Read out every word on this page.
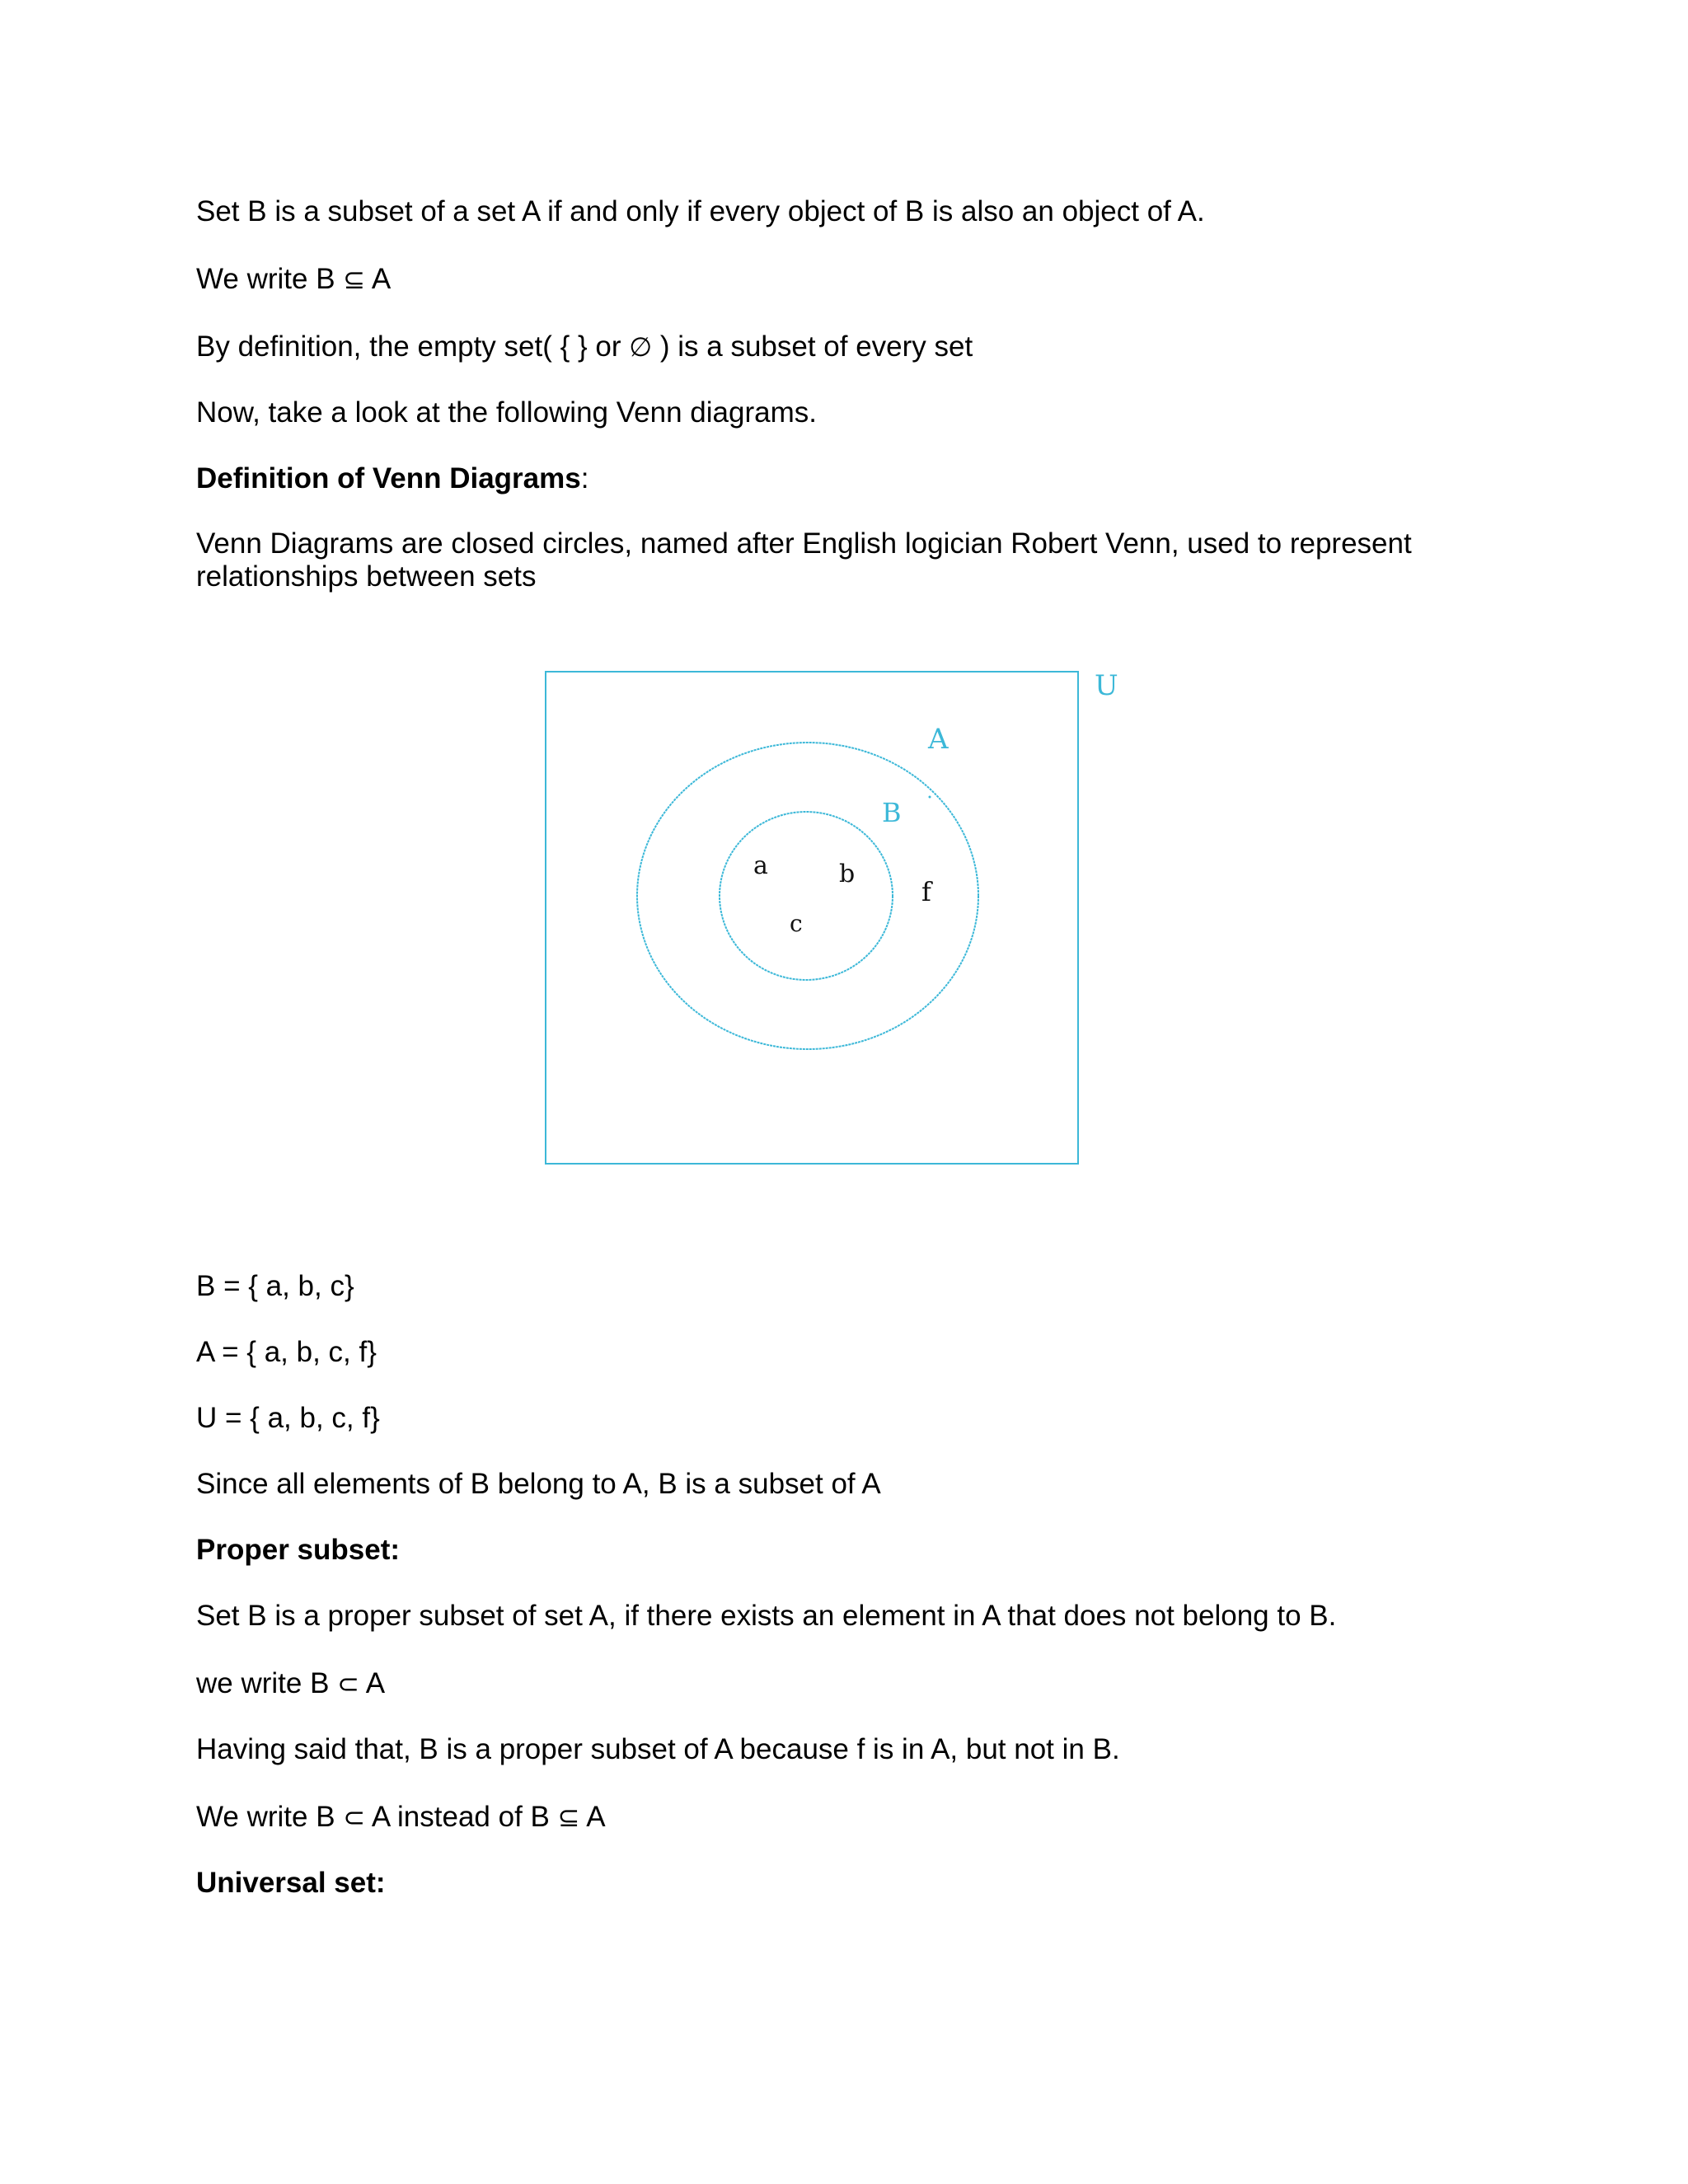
Set B is a subset of a set A if and only if every object of B is also an object of A.
We write B ⊆ A
By definition, the empty set( { } or ∅ ) is a subset of every set
Now, take a look at the following Venn diagrams.
Definition of Venn Diagrams:
Venn Diagrams are closed circles, named after English logician Robert Venn, used to represent relationships between sets
U
A
B
a	b
c
f
B = { a, b, c}
A = { a, b, c, f}
U = { a, b, c, f}
Since all elements of B belong to A, B is a subset of A
Proper subset:
Set B is a proper subset of set A, if there exists an element in A that does not belong to B.
we write B ⊂ A
Having said that, B is a proper subset of A because f is in A, but not in B.
We write B ⊂ A instead of B ⊆ A
Universal set:
